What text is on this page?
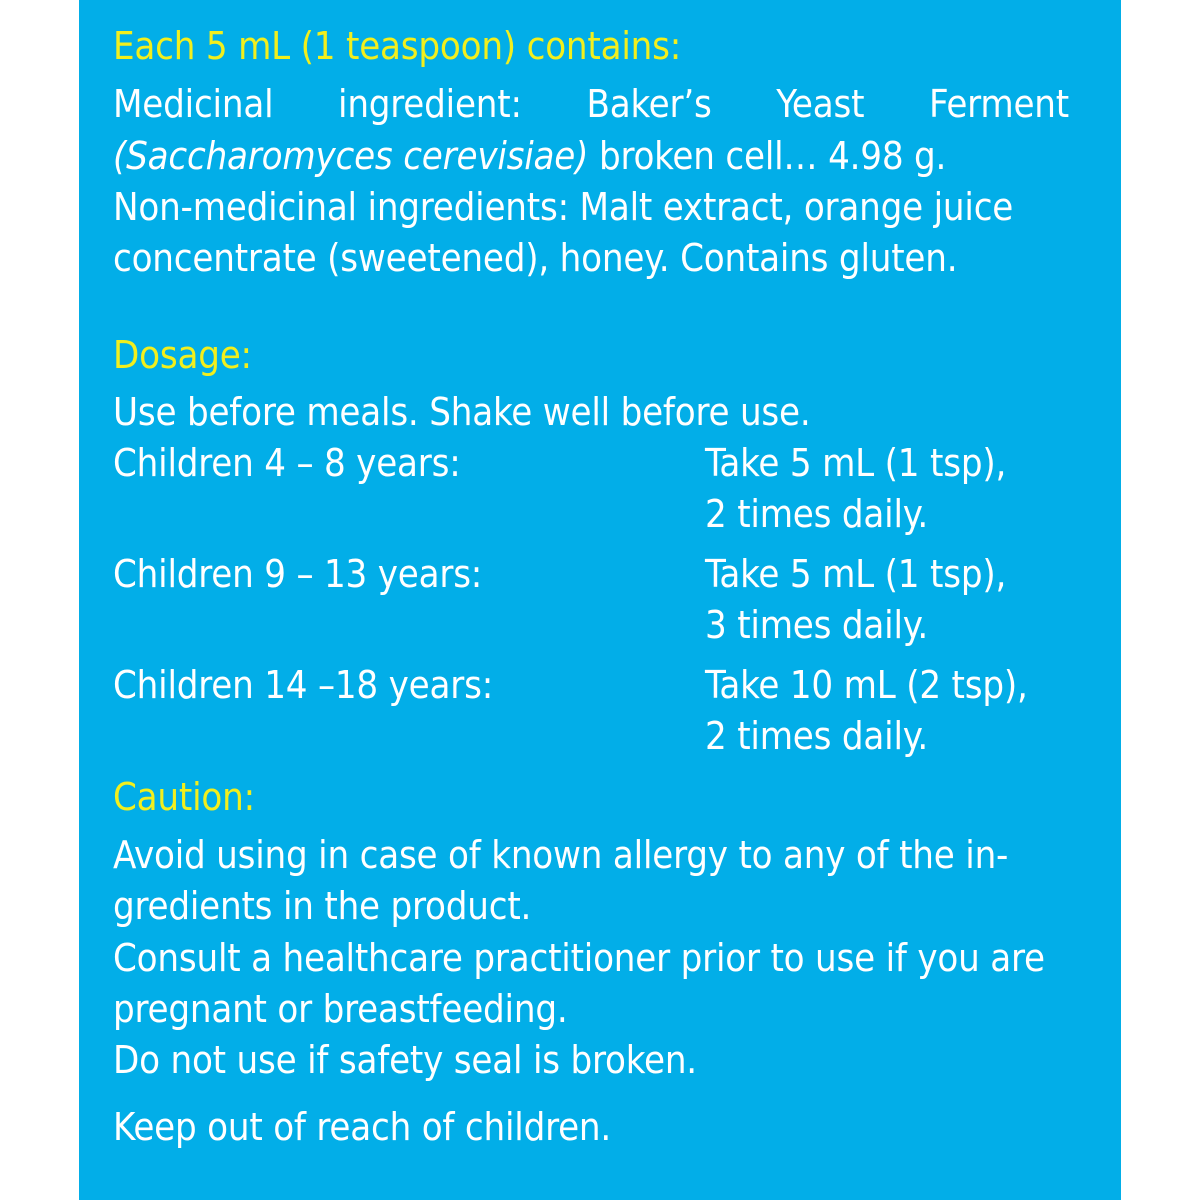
Each 5 mL (1 teaspoon) contains:
Medicinal ingredient: Baker’s Yeast Ferment
(Saccharomyces cerevisiae) broken cell… 4.98 g.
Non-medicinal ingredients: Malt extract, orange juice
concentrate (sweetened), honey. Contains gluten.
Dosage:
Use before meals. Shake well before use.
Children 4 – 8 years:	Take 5 mL (1 tsp),
2 times daily.
Children 9 – 13 years:	Take 5 mL (1 tsp),
3 times daily.
Children 14 –18 years:	Take 10 mL (2 tsp),
2 times daily.
Caution:
Avoid using in case of known allergy to any of the in-
gredients in the product.
Consult a healthcare practitioner prior to use if you are
pregnant or breastfeeding.
Do not use if safety seal is broken.
Keep out of reach of children.
